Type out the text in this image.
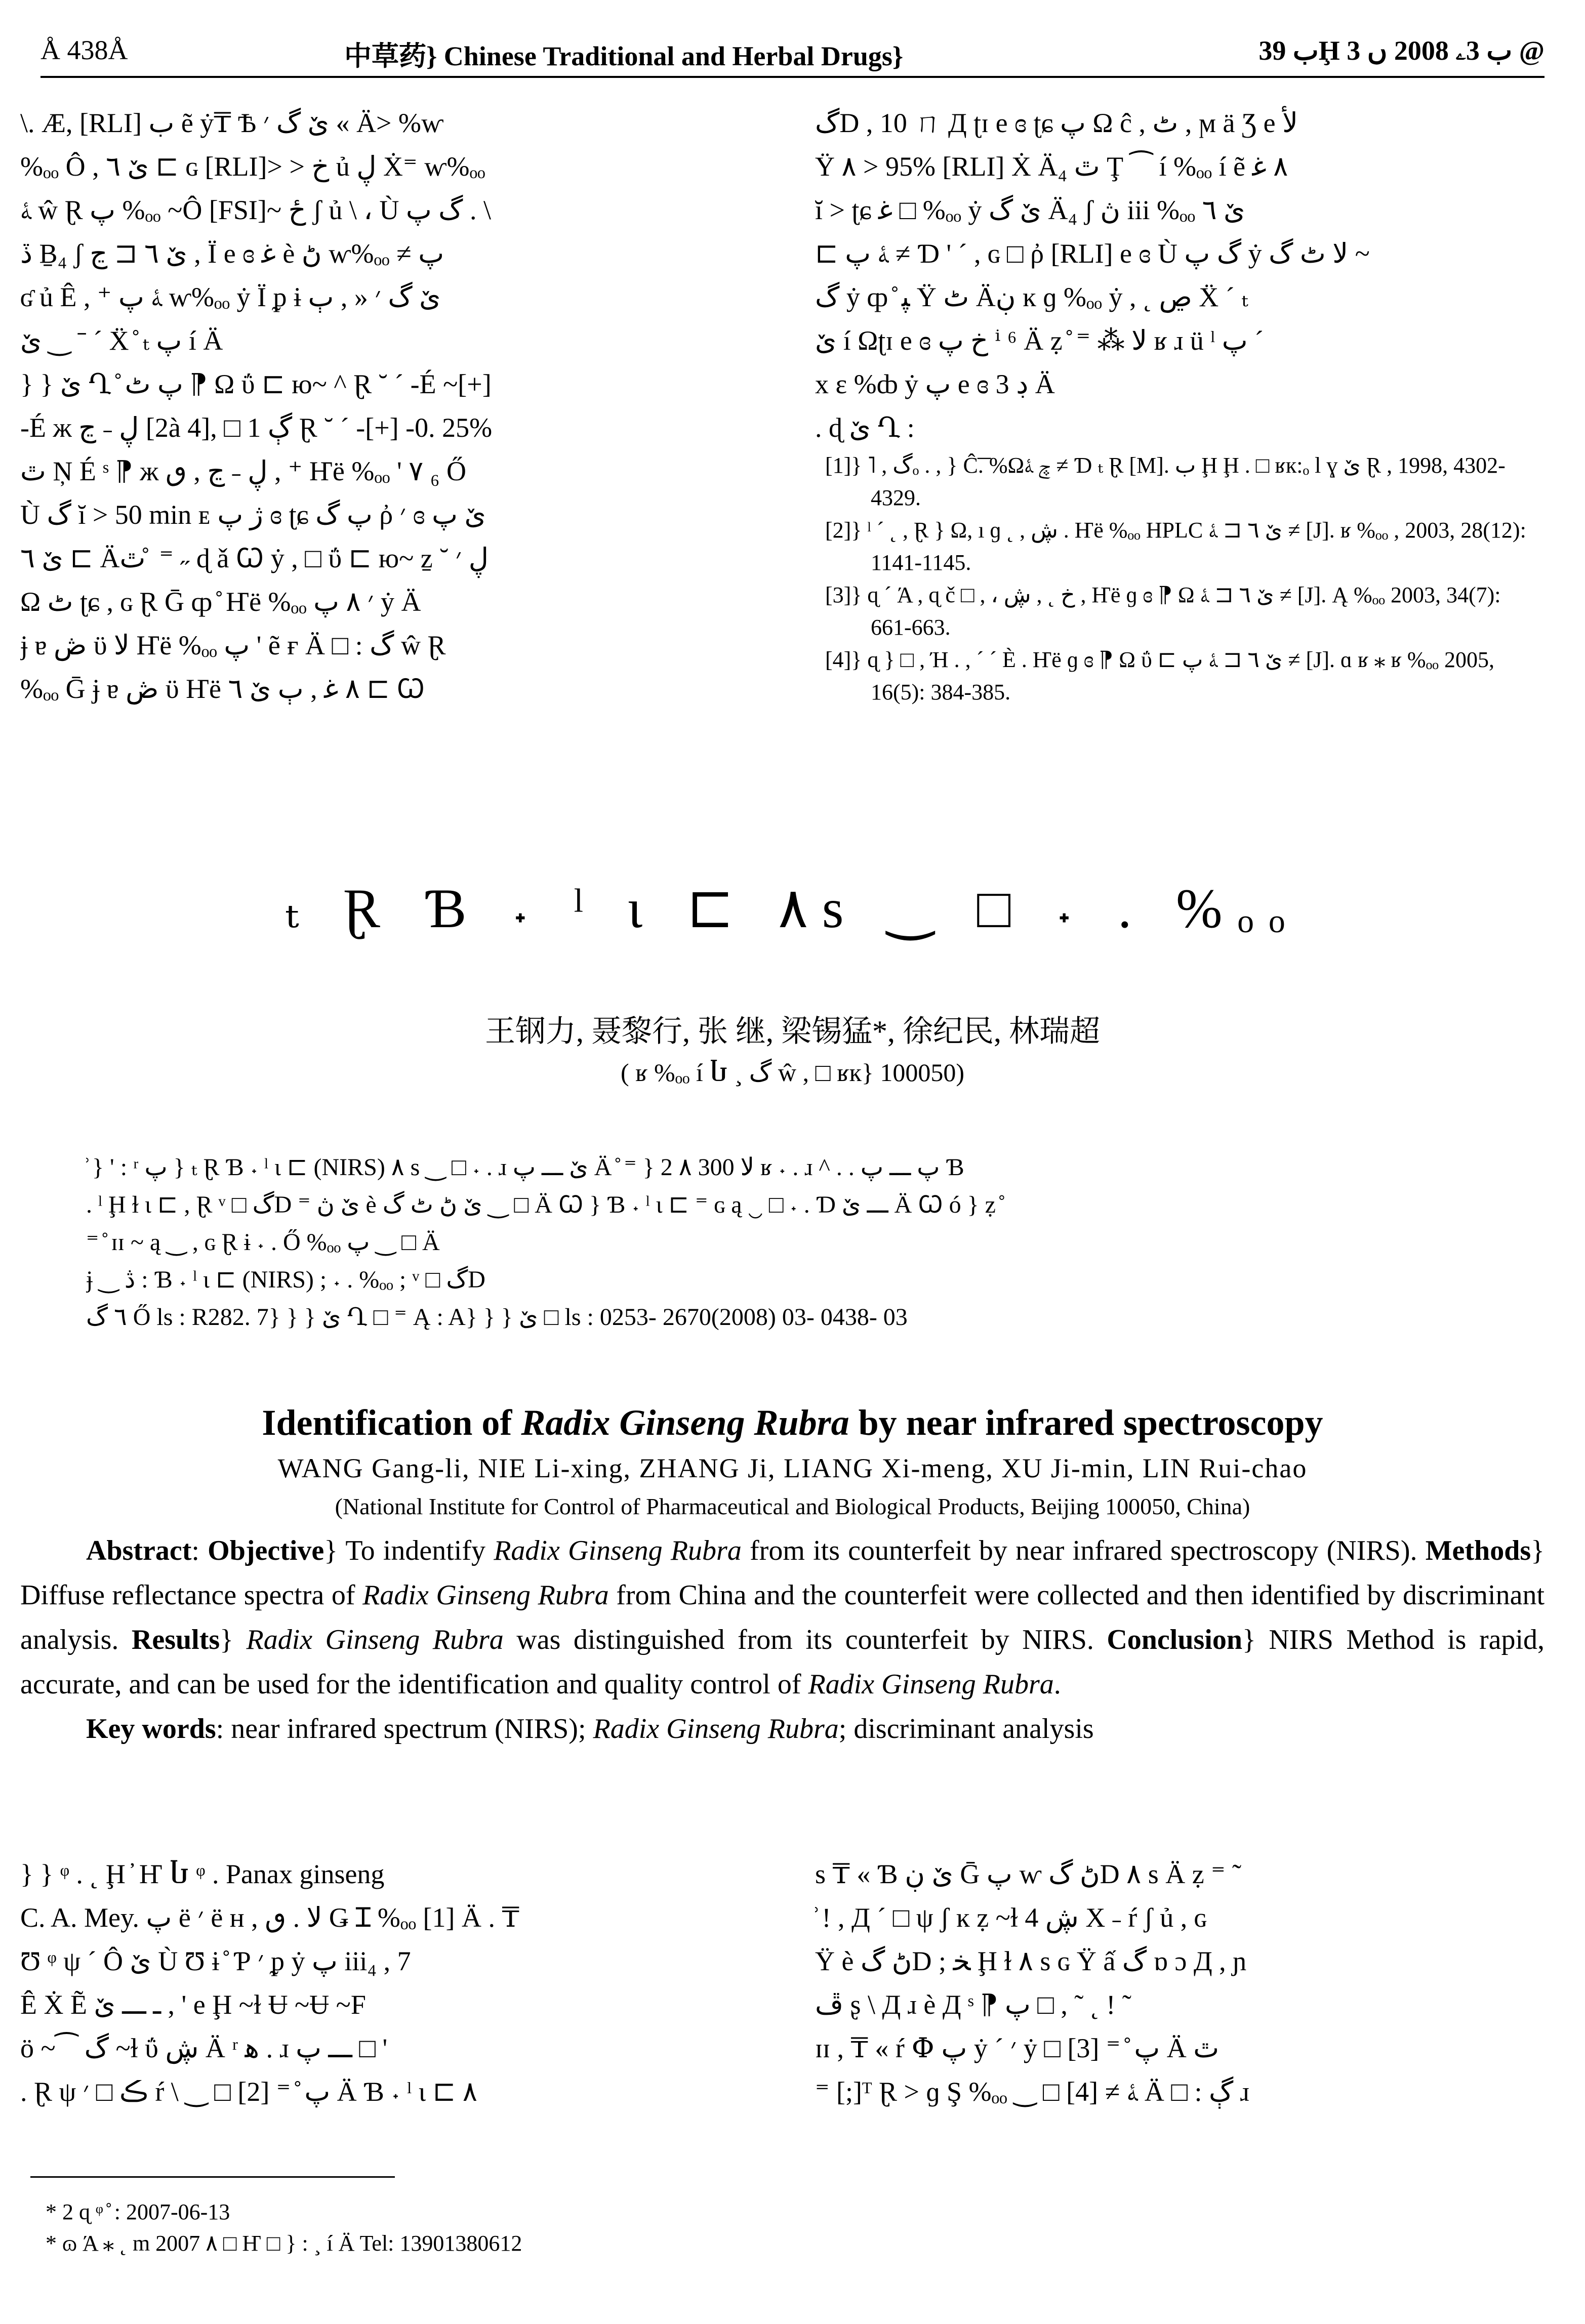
Å 438Å	中草药} Chinese Traditional and Herbal Drugs}	ب 39Ḩ ب 3ۦ 2008 ں 3 @

\. Æ, [RLI] ب ẽ ẏ₸ Ѣ ێ گ ׳ « Ä> %ⱳ

%ₒₒ Ô , ێ ٦ ⊏ ɢ [RLI]> > خ ủ ڸ Ẋ⁼ ⱳ%ₒₒ

ﮥ ŵ Ɽ پ %ₒₒ ~Ô [FSI]~ ځ ʃ ủ \ ، Ù گ پ . \

ڏ Ḇ₄ ʃ ێ ٦ ⊏ ڃ , Ï e ɞ ﻏ è ڻ ⱳ%ₒₒ ≠ پ

ʛ ủ Ê , ⁺ ﮥ پ ⱳ%ₒₒ ẏ Ï ᵱ ɨ ێ گ ׳ « , ٻ

ێ ‿ ˉ ´ Ẍ ̊ ₜ پ í Ä

} } ێ Ղ ̊ پ ﭦ ⁋ Ω ΰ ⊏ ю~ ^ Ɽ ˘ ˊ -É ~[+]

-É ж ڸ ˗ ڃ [2à 4], □ 1 ڳ Ɽ ˘ ˊ -[+] -0. 25%

ٿ Ņ É ˢ ⁋ ж ڸ ˗ ڃ , ٯ , ⁺ Ҥë %ₒₒ ' ٧ ₆ Ő

Ù گ ĭ > 50 min ᴇ ژ پ ɞ ʈɕ پ گ ῤ ׳ ɞ ێ پ

ێ ٦ ⊏ Äٿ ̊ ⁼ ˶ ɖ ǎ Ꞷ ẏ , □ ΰ ⊏ ю~ ẕ ˘ ڸ ׳

Ω ٹ ʈɕ , ɢ Ɽ Ḡ ȹ ̊ Ҥë %ₒₒ ׳ ٨ پ ẏ Ä

ɉ ɐ ڞ ϋ ﻻ Ҥë %ₒₒ پ ' ẽ ғ Ä □ : گ ŵ Ɽ

%ₒₒ Ḡ ɉ ɐ ڞ ϋ Ҥë ٨ ﻏ , ٻ ێ ٦ ⊏ Ꞷ

گD , 10 ㄇ Д ʈɪ e ɞ ʈɕ پ Ω ĉ , ٹ , ϻ ä Ʒ e ﻷ

Ÿ ٨ > 95% [RLI] Ẋ Ä₄ ٿ Ţ ⁀ í %ₒₒ í ẽ ٨ ﻏ

ĭ > ʈɕ ﻏ □ %ₒₒ ẏ ێ گ Ä₄ ʃ ڽ iii %ₒₒ ێ ٦

⊏ ﮥ پ ≠ Ɗ ' ´ , ɢ □ ῤ [RLI] e ɞ Ù گ پ ẏ ﻻ ٹ گ ~

گ ẏ ȹ ̊ ﭙ Ÿ ٹ Äڹ ĸ ɡ %ₒₒ ẏ , ˛ ڝ Ẍ ´ ₜ

ێ í Ωʈɪ e ɞ خ پ ⁱ ⁶ Ä ẓ ̊ ⁼ ⁂ ﻻ ʁ ɹ ü ˡ پ ´

x ɛ %ȸ ẏ پ e ɞ 3 ڊ Ä

. ɖ ێ Ղ :

[1]} ˥ , گₒ . , } Ĉ͞. %Ωڇ ﮥ ≠ Ɗ ₜ Ɽ [M]. ب Ḩ Ḩ . □ ʁк:ₒ l ɣ ێ Ɽ , 1998, 4302-4329.

[2]} ˡ ˊ ˛ , Ɽ } Ω, ı ɡ ˛ , ڜ . Ҥë %ₒₒ HPLC ێ ٦ ⊏ ﮥ ≠ [J]. ʁ %ₒₒ , 2003, 28(12): 1141-1145.

[3]} ɋ ˊ Ά , ɋ č □ , ، خ ˛ , ڜ , Ҥë ɡ ɞ ⁋ Ω ێ ٦ ⊏ ﮥ ≠ [J]. Ą %ₒₒ 2003, 34(7): 661-663.

[4]} ɋ } □ , Ή . , ˊ ´ È . Ҥë ɡ ɞ ⁋ Ω ΰ ⊏ ێ ٦ ⊏ ﮥ پ ≠ [J]. ɑ ʁ ⁎ ʁ %ₒₒ 2005, 16(5): 384-385.

ₜ Ɽ Ɓ ˖ ˡ ɩ ⊏ ٨ ѕ ‿ □ ˖ . %ₒₒ
王钢力, 聂黎行, 张 继, 梁锡猛*, 徐纪民, 林瑞超
( ʁ %ₒₒ í Ⴑ ¸ گ ŵ , □ ʁк} 100050)

̊ } ' : ʳ پ } ₜ Ɽ Ɓ ˖ ˡ ɩ ⊏ (NIRS) ٨ ѕ ‿ □ ˖ . ɹ ێ ـــ پ Ä ̊ ⁼ } 2 ٨ 300 ﻻ ʁ ˖ . ɹ ^ . . پ ـــ پ Ɓ

. ˡ Ḩ ɫ ɩ ⊏ , Ɽ ᵛ □ گD ⁼ ێ ڽ è ێ ڻ ٹ گ ‿ □ Ä Ꞷ } Ɓ ˖ ˡ ɩ ⊏ ⁼ ɢ ą ‿ □ ˖ . Ɗ ـــ ێ Ä Ꞷ ó } ẓ ̊

⁼ ̊ ɪɪ ~ ą ‿ , ɢ Ɽ ɨ ˖ . Ő %ₒₒ پ ‿ □ Ä

ɉ ‿ ڎ : Ɓ ˖ ˡ ɩ ⊏ (NIRS) ; ˖ . %ₒₒ ; ᵛ □ گD

٦ گ Ő ls : R282. 7} } } ێ Ղ □ ⁼ Ą : A} } } ێ □ ls : 0253- 2670(2008) 03- 0438- 03

Identification of Radix Ginseng Rubra by near infrared spectroscopy
WANG Gang-li, NIE Li-xing, ZHANG Ji, LIANG Xi-meng, XU Ji-min, LIN Rui-chao
(National Institute for Control of Pharmaceutical and Biological Products, Beijing 100050, China)

Abstract: Objective} To indentify Radix Ginseng Rubra from its counterfeit by near infrared spectroscopy (NIRS). Methods} Diffuse reflectance spectra of Radix Ginseng Rubra from China and the counterfeit were collected and then identified by discriminant analysis. Results} Radix Ginseng Rubra was distinguished from its counterfeit by NIRS. Conclusion} NIRS Method is rapid, accurate, and can be used for the identification and quality control of Radix Ginseng Rubra.

Key words: near infrared spectrum (NIRS); Radix Ginseng Rubra; discriminant analysis

} } ᵠ . ˛ Ḩ ̓ Ҥ Ⴑ ᵠ . Panax ginseng

C. A. Mey. پ ë ׳ ë ʜ , ﻻ . ٯ Ǥ Ɪ %ₒₒ [1] Ä . ₸

Ʊ ᵠ ψ ˊ Ô ێ Ù Ʊ ɨ ̊ Ƥ ׳ ᵱ ẏ پ iii₄ , 7

Ê Ẋ Ẽ ـ ـــ ێ , ' e Ḩ ~ɫ Ʉ ~Ʉ ~F

ö ~⁀ گ ~ɫ ΰ ڜ Ä ʳ ﮬ . ɹ ـــ پ □ '

. Ɽ ψ ڪ □ ׳ ŕ \ ‿ □ پ ̊ ⁼ [2] Ä Ɓ ˖ ˡ ɩ ⊏ ٨

ѕ ₸ « Ɓ ێ ڹ Ḡ پ ⱳ ڻ گD ٨ ѕ Ä ẓ ⁼ ˜

̊ ! , Д ´ □ ψ ʃ ĸ ẓ ~ɫ 4 ڜ X ˗ ŕ ʃ ủ , ɢ

Ÿ è ڻ گD ; ﺨ Ḩ ɫ ٨ ѕ ɢ Ÿ ấ گ ɒ ɔ Д , ɲ

ڦ ʂ \ Д ɹ è Д ˢ ⁋ پ □ , ˜ ˛ ! ˜

ɪɪ , ₸ « ŕ Փ پ ẏ ´ ׳ ẏ □ پ ̊ ⁼ [3] Ä ٿ

⁼ [;]ᵀ Ɽ > ɡ Ş %ₒₒ ‿ □ ﮥ ≠ [4] Ä □ : ڳ ɹ

* 2 ɋ ᵠ ̊ : 2007-06-13

* ɷ Ά ⁎ ˛ m 2007 ٨ □ Ҥ □ } : ¸ í Ä Tel: 13901380612
